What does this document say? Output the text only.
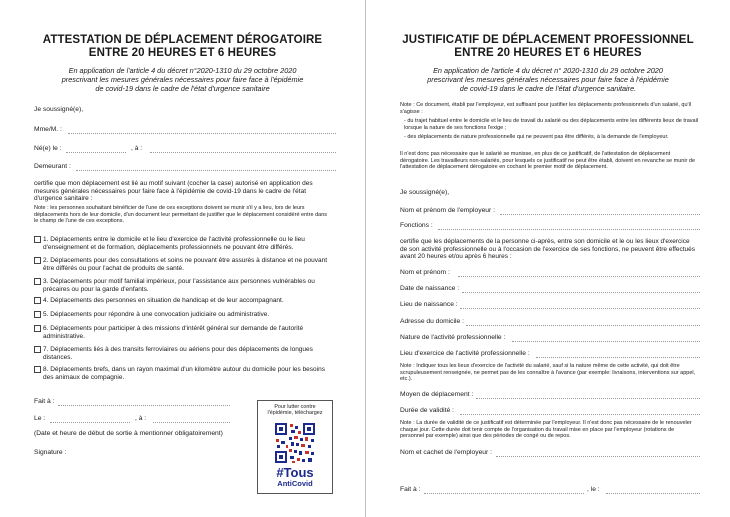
ATTESTATION DE DÉPLACEMENT DÉROGATOIRE
ENTRE 20 HEURES ET 6 HEURES
En application de l'article 4 du décret n°2020-1310 du 29 octobre 2020
prescrivant les mesures générales nécessaires pour faire face à l'épidémie
de covid-19 dans le cadre de l'état d'urgence sanitaire
Je soussigné(e),
Mme/M. :
Né(e) le :	, à :
Demeurant :
certifie que mon déplacement est lié au motif suivant (cocher la case) autorisé en application des mesures générales nécessaires pour faire face à l'épidémie de covid-19 dans le cadre de l'état d'urgence sanitaire :
Note : les personnes souhaitant bénéficier de l'une de ces exceptions doivent se munir s'il y a lieu, lors de leurs déplacements hors de leur domicile, d'un document leur permettant de justifier que le déplacement considéré entre dans le champ de l'une de ces exceptions.
1. Déplacements entre le domicile et le lieu d'exercice de l'activité professionnelle ou le lieu d'enseignement et de formation, déplacements professionnels ne pouvant être différés.
2. Déplacements pour des consultations et soins ne pouvant être assurés à distance et ne pouvant être différés ou pour l'achat de produits de santé.
3. Déplacements pour motif familial impérieux, pour l'assistance aux personnes vulnérables ou précaires ou pour la garde d'enfants.
4. Déplacements des personnes en situation de handicap et de leur accompagnant.
5. Déplacements pour répondre à une convocation judiciaire ou administrative.
6. Déplacements pour participer à des missions d'intérêt général sur demande de l'autorité administrative.
7. Déplacements liés à des transits ferroviaires ou aériens pour des déplacements de longues distances.
8. Déplacements brefs, dans un rayon maximal d'un kilomètre autour du domicile pour les besoins des animaux de compagnie.
Fait à :
Le :	, à :
(Date et heure de début de sortie à mentionner obligatoirement)
Signature :
Pour lutter contre
l'épidémie, téléchargez
#Tous
AntiCovid
JUSTIFICATIF DE DÉPLACEMENT PROFESSIONNEL
ENTRE 20 HEURES ET 6 HEURES
En application de l'article 4 du décret n° 2020-1310 du 29 octobre 2020
prescrivant les mesures générales nécessaires pour faire face à l'épidémie
de covid-19 dans le cadre de l'état d'urgence sanitaire.
Note : Ce document, établi par l'employeur, est suffisant pour justifier les déplacements professionnels d'un salarié, qu'il s'agisse :
- du trajet habituel entre le domicile et le lieu de travail du salarié ou des déplacements entre les différents lieux de travail lorsque la nature de ses fonctions l'exige ;
- des déplacements de nature professionnelle qui ne peuvent pas être différés, à la demande de l'employeur.
Il n'est donc pas nécessaire que le salarié se munisse, en plus de ce justificatif, de l'attestation de déplacement dérogatoire. Les travailleurs non-salariés, pour lesquels ce justificatif ne peut être établi, doivent en revanche se munir de l'attestation de déplacement dérogatoire en cochant le premier motif de déplacement.
Je soussigné(e),
Nom et prénom de l'employeur :
Fonctions :
certifie que les déplacements de la personne ci-après, entre son domicile et le ou les lieux d'exercice de son activité professionnelle ou à l'occasion de l'exercice de ses fonctions, ne peuvent être effectués avant 20 heures et/ou après 6 heures :
Nom et prénom :
Date de naissance :
Lieu de naissance :
Adresse du domicile :
Nature de l'activité professionnelle :
Lieu d'exercice de l'activité professionnelle :
Note : Indiquer tous les lieux d'exercice de l'activité du salarié, sauf si la nature même de cette activité, qui doit être scrupuleusement renseignée, ne permet pas de les connaître à l'avance (par exemple: livraisons, interventions sur appel, etc.).
Moyen de déplacement :
Durée de validité :
Note : La durée de validité de ce justificatif est déterminée par l'employeur. Il n'est donc pas nécessaire de le renouveler chaque jour. Cette durée doit tenir compte de l'organisation du travail mise en place par l'employeur (rotations de personnel par exemple) ainsi que des périodes de congé ou de repos.
Nom et cachet de l'employeur :
Fait à :	, le :
